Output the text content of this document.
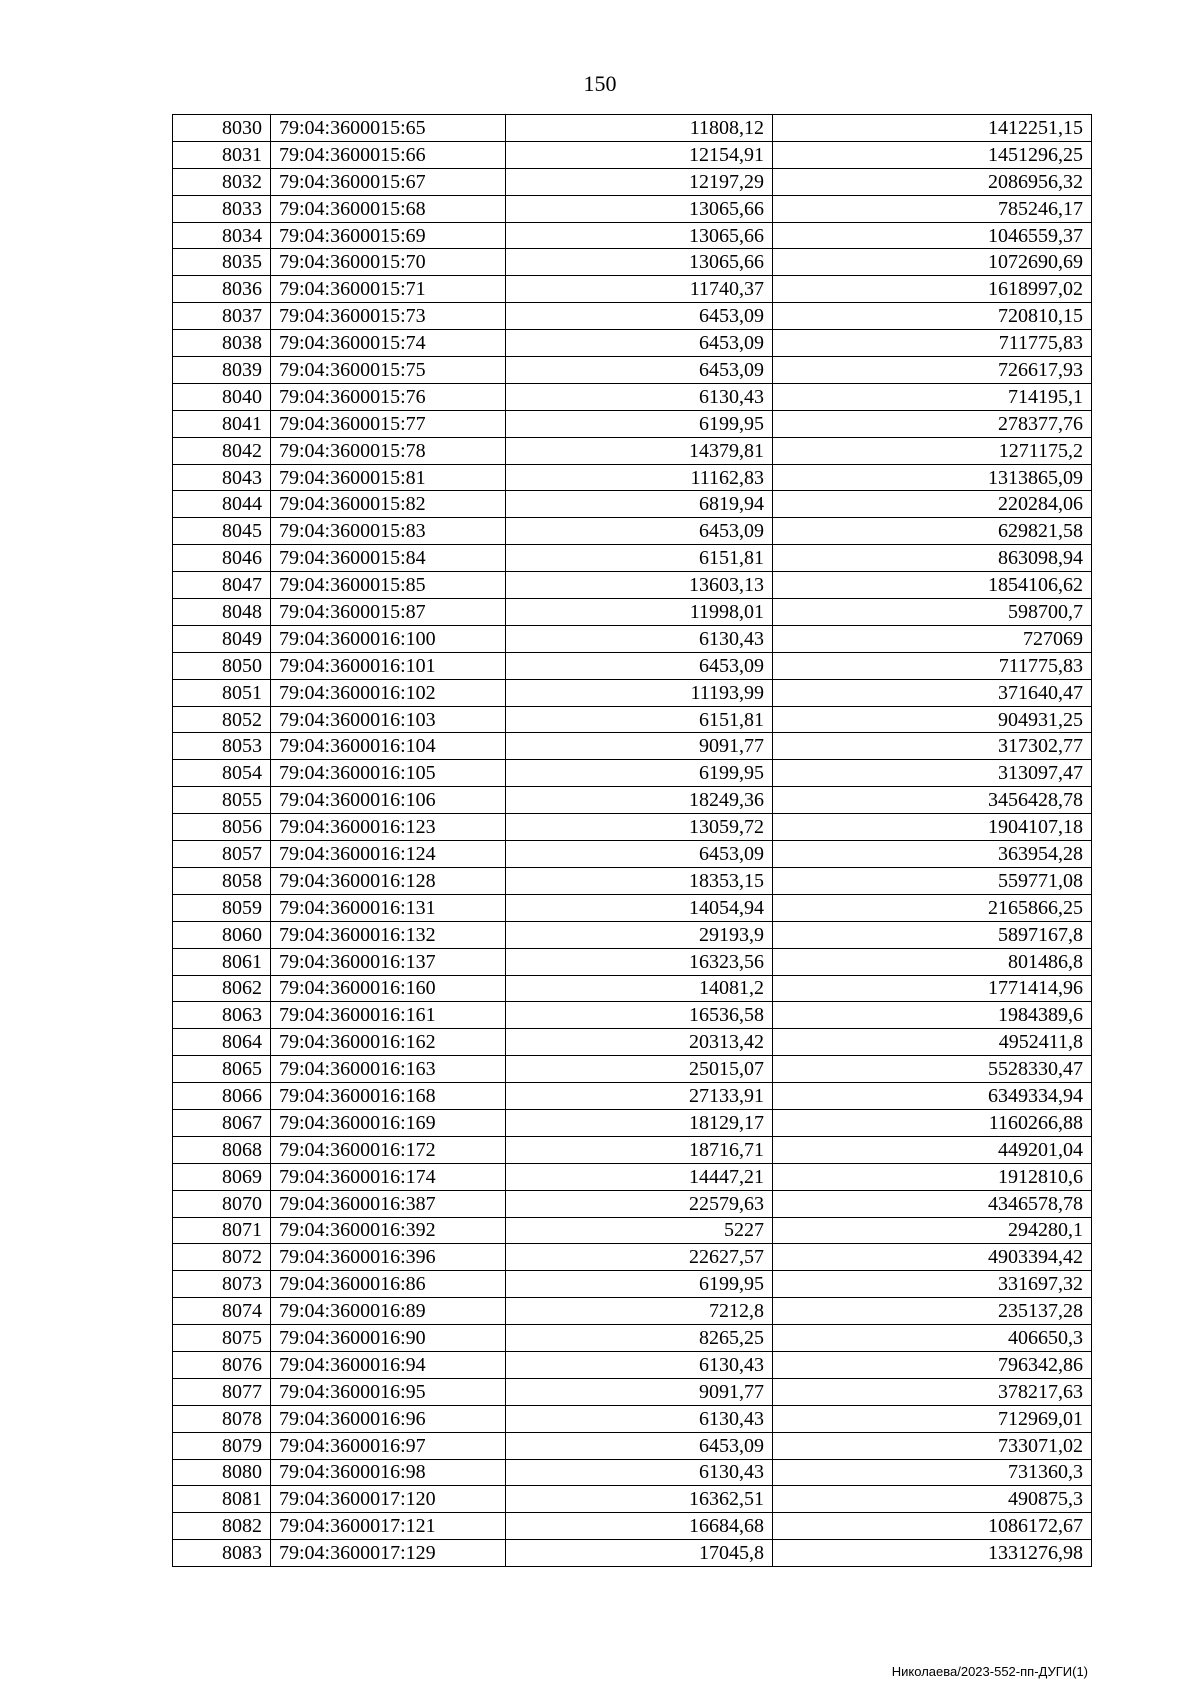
150
8030	79:04:3600015:65	11808,12	1412251,15
8031	79:04:3600015:66	12154,91	1451296,25
8032	79:04:3600015:67	12197,29	2086956,32
8033	79:04:3600015:68	13065,66	785246,17
8034	79:04:3600015:69	13065,66	1046559,37
8035	79:04:3600015:70	13065,66	1072690,69
8036	79:04:3600015:71	11740,37	1618997,02
8037	79:04:3600015:73	6453,09	720810,15
8038	79:04:3600015:74	6453,09	711775,83
8039	79:04:3600015:75	6453,09	726617,93
8040	79:04:3600015:76	6130,43	714195,1
8041	79:04:3600015:77	6199,95	278377,76
8042	79:04:3600015:78	14379,81	1271175,2
8043	79:04:3600015:81	11162,83	1313865,09
8044	79:04:3600015:82	6819,94	220284,06
8045	79:04:3600015:83	6453,09	629821,58
8046	79:04:3600015:84	6151,81	863098,94
8047	79:04:3600015:85	13603,13	1854106,62
8048	79:04:3600015:87	11998,01	598700,7
8049	79:04:3600016:100	6130,43	727069
8050	79:04:3600016:101	6453,09	711775,83
8051	79:04:3600016:102	11193,99	371640,47
8052	79:04:3600016:103	6151,81	904931,25
8053	79:04:3600016:104	9091,77	317302,77
8054	79:04:3600016:105	6199,95	313097,47
8055	79:04:3600016:106	18249,36	3456428,78
8056	79:04:3600016:123	13059,72	1904107,18
8057	79:04:3600016:124	6453,09	363954,28
8058	79:04:3600016:128	18353,15	559771,08
8059	79:04:3600016:131	14054,94	2165866,25
8060	79:04:3600016:132	29193,9	5897167,8
8061	79:04:3600016:137	16323,56	801486,8
8062	79:04:3600016:160	14081,2	1771414,96
8063	79:04:3600016:161	16536,58	1984389,6
8064	79:04:3600016:162	20313,42	4952411,8
8065	79:04:3600016:163	25015,07	5528330,47
8066	79:04:3600016:168	27133,91	6349334,94
8067	79:04:3600016:169	18129,17	1160266,88
8068	79:04:3600016:172	18716,71	449201,04
8069	79:04:3600016:174	14447,21	1912810,6
8070	79:04:3600016:387	22579,63	4346578,78
8071	79:04:3600016:392	5227	294280,1
8072	79:04:3600016:396	22627,57	4903394,42
8073	79:04:3600016:86	6199,95	331697,32
8074	79:04:3600016:89	7212,8	235137,28
8075	79:04:3600016:90	8265,25	406650,3
8076	79:04:3600016:94	6130,43	796342,86
8077	79:04:3600016:95	9091,77	378217,63
8078	79:04:3600016:96	6130,43	712969,01
8079	79:04:3600016:97	6453,09	733071,02
8080	79:04:3600016:98	6130,43	731360,3
8081	79:04:3600017:120	16362,51	490875,3
8082	79:04:3600017:121	16684,68	1086172,67
8083	79:04:3600017:129	17045,8	1331276,98
Николаева/2023-552-пп-ДУГИ(1)
